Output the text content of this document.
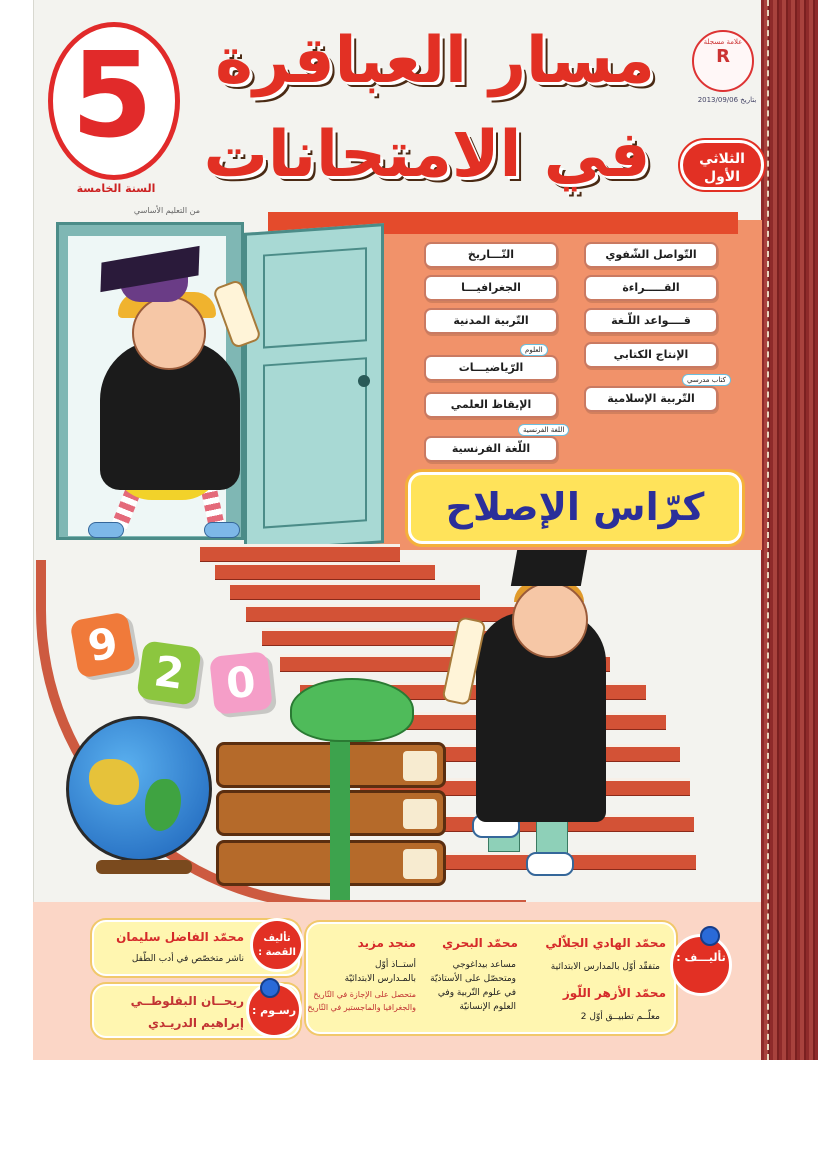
5
السنة الخامسة
من التعليم الأساسي
مسار العباقرة
في الامتحانات	الثلاثي
الأول
علامة مسجلة
R
2013/09/06 بتاريخ
التّواصل الشّفوي
القـــــراءة
قــــواعد اللّـغة
الإنتاج الكتابي
التّربية الإسلامية
كتاب مدرسي
التّـــاريخ
الجغرافيـــا
التّربية المدنية
الرّياضيـــات
العلوم
الإيقاظ العلمي
اللّغة الفرنسية
اللغة الفرنسية
كرّاس الإصلاح
9
2 0
تأليـــف :
محمّد الهادي الجلاّلي
متفقّد أوّل بالمدارس الابتدائية
محمّد الأزهر اللّوز
معلّــم تطبيــق أوّل 2
محمّد البحري
مساعد بيداغوجي
ومتحصّل على الأستاذيّة
في علوم التّربية وفي
العلوم الإنسانيّة
منجد مزيد
أستــاذ أوّل
بالمـدارس الابتدائيّة
متحصل على الإجازة في التّاريخ
والجغرافيا والماجستير في التّاريخ
تأليف
القصة :
محمّد الفاضل سليمان
ناشر متخصّص في أدب الطّفل
رسـوم :
ريحــان البقلوطــي
إبراهيم الدريـدي
